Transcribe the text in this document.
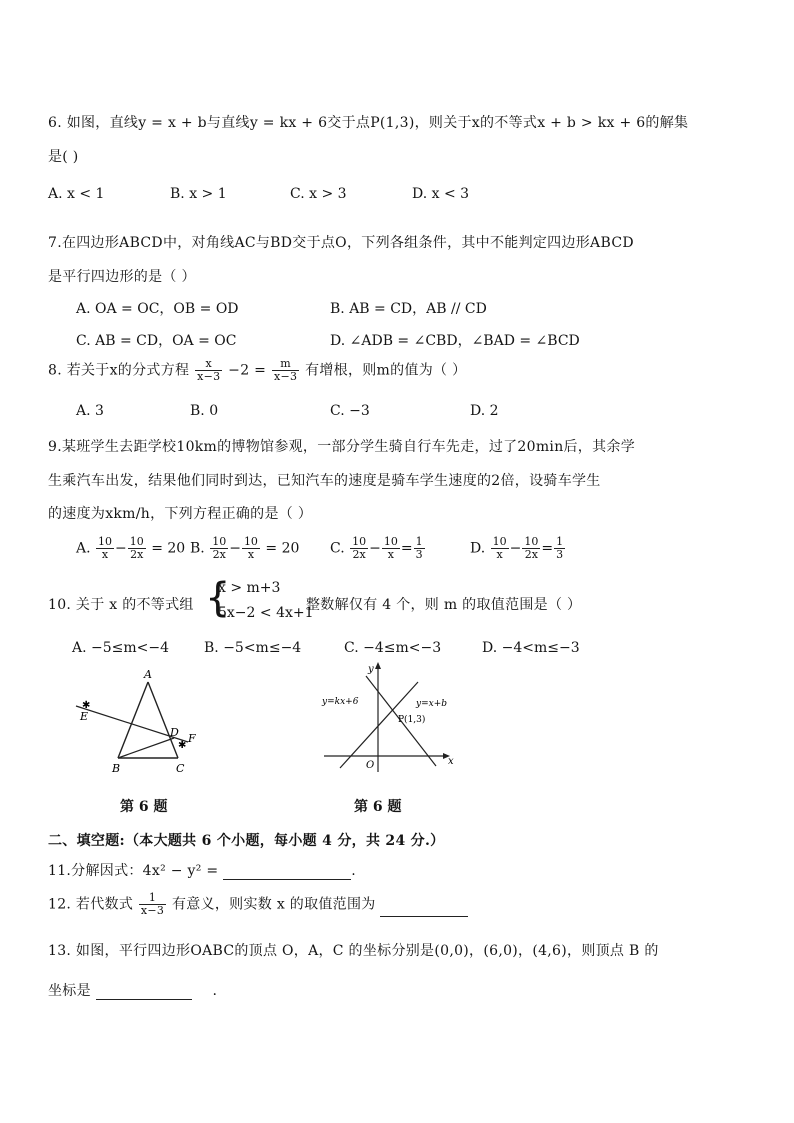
6. 如图，直线y = x + b与直线y = kx + 6交于点P(1,3)，则关于x的不等式x + b > kx + 6的解集
是( )
A. x < 1	B. x > 1	C. x > 3	D. x < 3
7.在四边形ABCD中，对角线AC与BD交于点O，下列各组条件，其中不能判定四边形ABCD
是平行四边形的是（ ）
A. OA = OC，OB = OD	B. AB = CD，AB // CD
C. AB = CD，OA = OC	D. ∠ADB = ∠CBD，∠BAD = ∠BCD
8. 若关于x的分式方程 $\frac{x}{x-3} -2 = \frac{m}{x-3}$ 有增根，则m的值为（ ）
A. 3	B. 0	C. −3	D. 2
9.某班学生去距学校10km的博物馆参观，一部分学生骑自行车先走，过了20min后，其余学
生乘汽车出发，结果他们同时到达，已知汽车的速度是骑车学生速度的2倍，设骑车学生
的速度为xkm/h，下列方程正确的是（ ）
A. $\frac{10}{x} - \frac{10}{2x} = 20$ B. $\frac{10}{2x} - \frac{10}{x} = 20$ C. $\frac{10}{2x} - \frac{10}{x} = \frac{1}{3}$	D. $\frac{10}{x} - \frac{10}{2x} = \frac{1}{3}$
10. 关于 x 的不等式组 {
x > m+3
5x−2 < 4x+1
整数解仅有 4 个，则 m 的取值范围是（ ）
A. −5≤m<−4 B. −5<m≤−4	C. −4≤m<−3	D. −4<m≤−3
A
E
✱
D F
✱
B	C
第 6 题
y
x
O
y=kx+6	y=x+b
P(1,3)
第 6 题
二、填空题:（本大题共 6 个小题，每小题 4 分，共 24 分.）
11.分解因式：4x² − y² =	.
12. 若代数式 $\frac{1}{x-3}$ 有意义，则实数 x 的取值范围为
13. 如图，平行四边形OABC的顶点 O，A，C 的坐标分别是(0,0)，(6,0)，(4,6)，则顶点 B 的
坐标是	.
